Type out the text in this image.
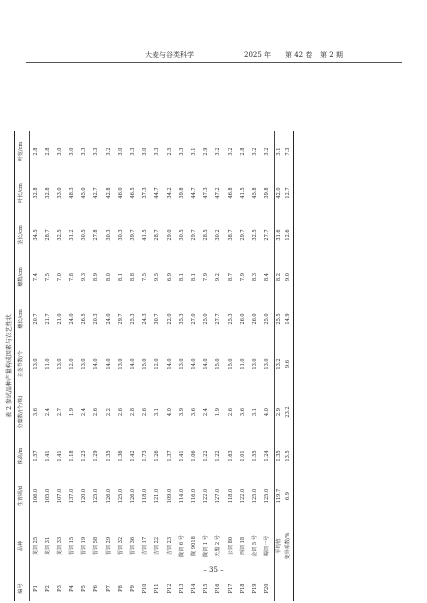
大麦与谷类科学	2025 年 第 42 卷 第 2 期
表 2 参试品种产量构成因素与农艺性状
编号	品种	生育期/d	株高/m	分蘖数/(个/株)	主茎节数/个	穗长/cm	穗数/cm	茎长/cm	叶长/cm	叶宽/cm
P1	龙饲 25	106.0	1.57	3.6	13.0	20.7	7.4	34.5	32.8	2.8
P2	龙饲 31	105.0	1.41	2.4	11.0	21.7	7.5	28.7	32.8	2.8
P3	龙饲 33	107.0	1.41	2.7	13.0	21.0	7.0	32.5	33.0	3.0
P4	晋饲 15	137.0	1.18	1.9	12.0	24.0	7.8	31.2	48.3	3.0
P5	晋饲 19	120.0	1.23	2.4	13.0	26.5	9.3	30.5	45.0	3.3
P6	晋饲 58	125.0	1.29	2.6	14.0	20.3	8.9	27.8	42.7	3.3
P7	晋饲 29	126.0	1.35	2.2	14.0	24.0	8.0	30.3	42.8	3.2
P8	晋饲 32	125.0	1.36	2.6	13.0	29.7	8.1	30.3	46.0	3.0
P9	晋饲 36	126.0	1.42	2.8	14.0	25.3	8.8	39.7	46.5	3.3
P10	吉饲 17	118.0	1.73	2.6	15.0	24.3	7.5	41.5	37.3	3.0
P11	吉饲 22	121.0	1.26	3.1	12.0	30.7	9.5	28.7	44.7	3.3
P12	吉饲 23	109.0	1.37	4.0	14.0	22.0	6.9	29.0	34.2	2.5
P13	陇饲 6 号	114.0	1.41	3.9	13.0	35.3	8.1	30.5	39.8	3.3
P14	陇 9018	116.0	1.06	3.6	14.0	27.0	8.1	29.7	44.7	3.1
P15	陇饲 1 号	122.0	1.22	2.4	14.0	25.0	7.9	28.5	47.3	2.9
P16	天黑 2 号	127.0	1.22	1.9	15.0	27.7	9.2	30.2	47.2	3.2
P17	公饲 80	118.0	1.63	2.6	15.0	25.3	8.7	38.7	46.8	3.2
P18	西饲 18	122.0	1.01	3.6	11.0	26.0	7.9	29.7	41.5	2.8
P19	金饲 5 号	125.0	1.55	3.1	13.0	26.0	8.3	32.5	45.8	3.2
P20	蜀饲一号	125.0	1.24	4.0	13.0	25.0	8.4	27.7	39.8	3.2
	平均值	119.7	1.35	2.9	13.2	25.5	8.2	31.6	42.0	3.1
	变异系数/%	6.9	13.5	23.2	9.6	14.9	9.0	12.6	12.7	7.3
– 35 –
